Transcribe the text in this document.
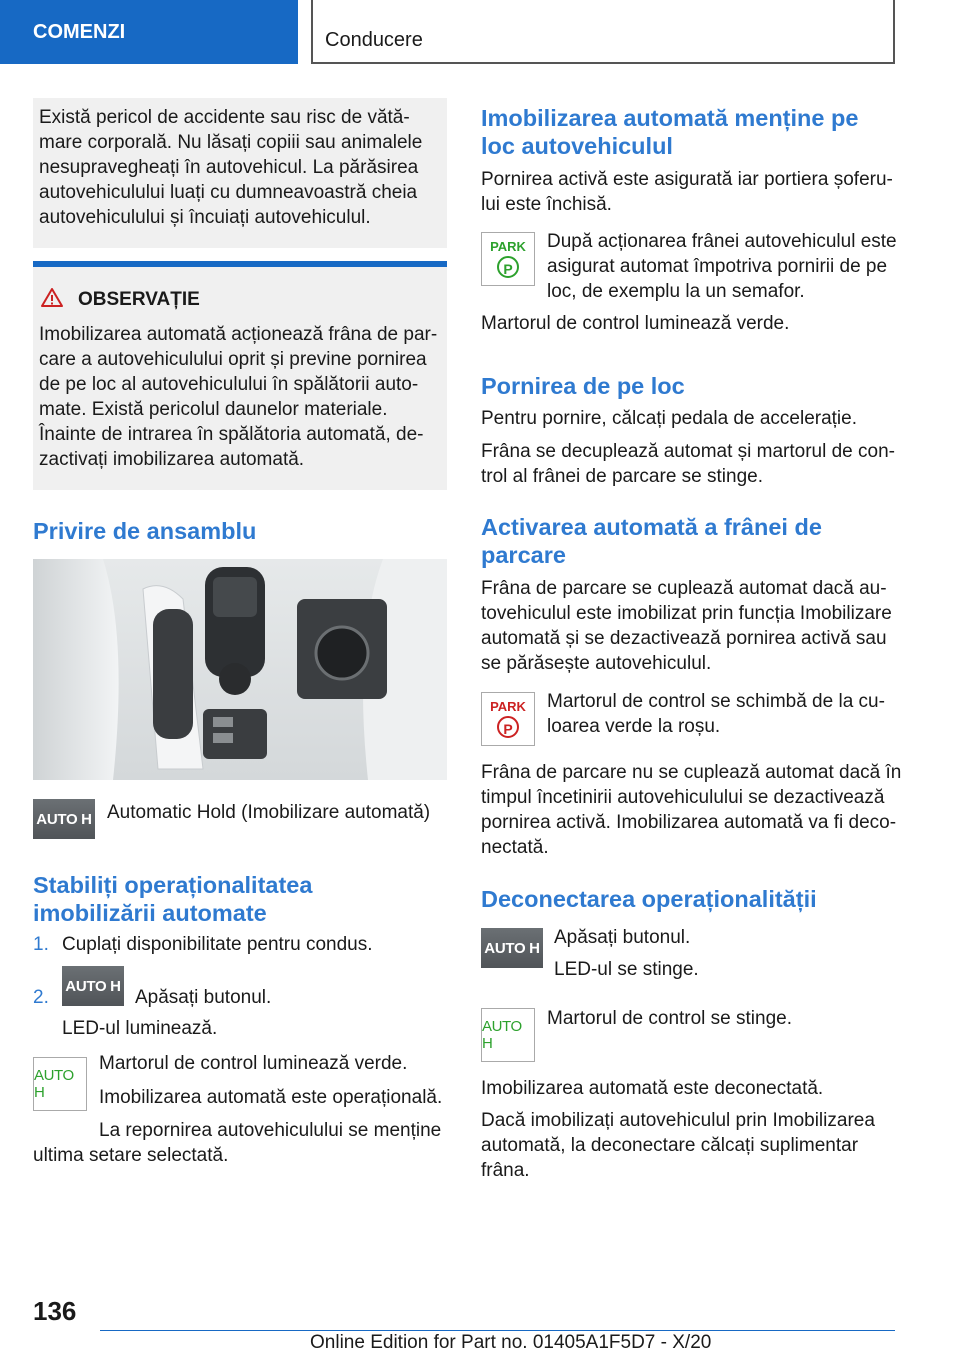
COMENZI	Conducere

Există pericol de accidente sau risc de vătă-

mare corporală. Nu lăsați copiii sau animalele

nesupravegheați în autovehicul. La părăsirea

autovehiculului luați cu dumneavoastră cheia

autovehiculului și încuiați autovehiculul.

OBSERVAȚIE

Imobilizarea automată acționează frâna de par-

care a autovehiculului oprit și previne pornirea

de pe loc al autovehiculului în spălătorii auto-

mate. Există pericolul daunelor materiale.

Înainte de intrarea în spălătoria automată, de-

zactivați imobilizarea automată.

Privire de ansamblu
AUTO H Automatic Hold (Imobilizare automată)
Stabiliți operaționalitatea
imobilizării automate
1. Cuplați disponibilitate pentru condus.
2.
AUTO H
Apăsați butonul.
LED-ul luminează.
AUTO H
Martorul de control luminează verde.
Imobilizarea automată este operațională.
La repornirea autovehiculului se menține
ultima setare selectată.
Imobilizarea automată menține pe
loc autovehiculul

Pornirea activă este asigurată iar portiera șoferu-

lui este închisă.

PARK
P

După acționarea frânei autovehiculul este

asigurat automat împotriva pornirii de pe

loc, de exemplu la un semafor.

Martorul de control luminează verde.
Pornirea de pe loc
Pentru pornire, călcați pedala de accelerație.
Frâna se decuplează automat și martorul de con-
trol al frânei de parcare se stinge.
Activarea automată a frânei de
parcare

Frâna de parcare se cuplează automat dacă au-

tovehiculul este imobilizat prin funcția Imobilizare

automată și se dezactivează pornirea activă sau

se părăsește autovehiculul.

PARK
P

Martorul de control se schimbă de la cu-

loarea verde la roșu.

Frâna de parcare nu se cuplează automat dacă în

timpul încetinirii autovehiculului se dezactivează

pornirea activă. Imobilizarea automată va fi deco-

nectată.

Deconectarea operaționalității
AUTO H Apăsați butonul.
LED-ul se stinge.
AUTO H
Martorul de control se stinge.
Imobilizarea automată este deconectată.

Dacă imobilizați autovehiculul prin Imobilizarea

automată, la deconectare călcați suplimentar

frâna.

136
Online Edition for Part no. 01405A1F5D7 - X/20
